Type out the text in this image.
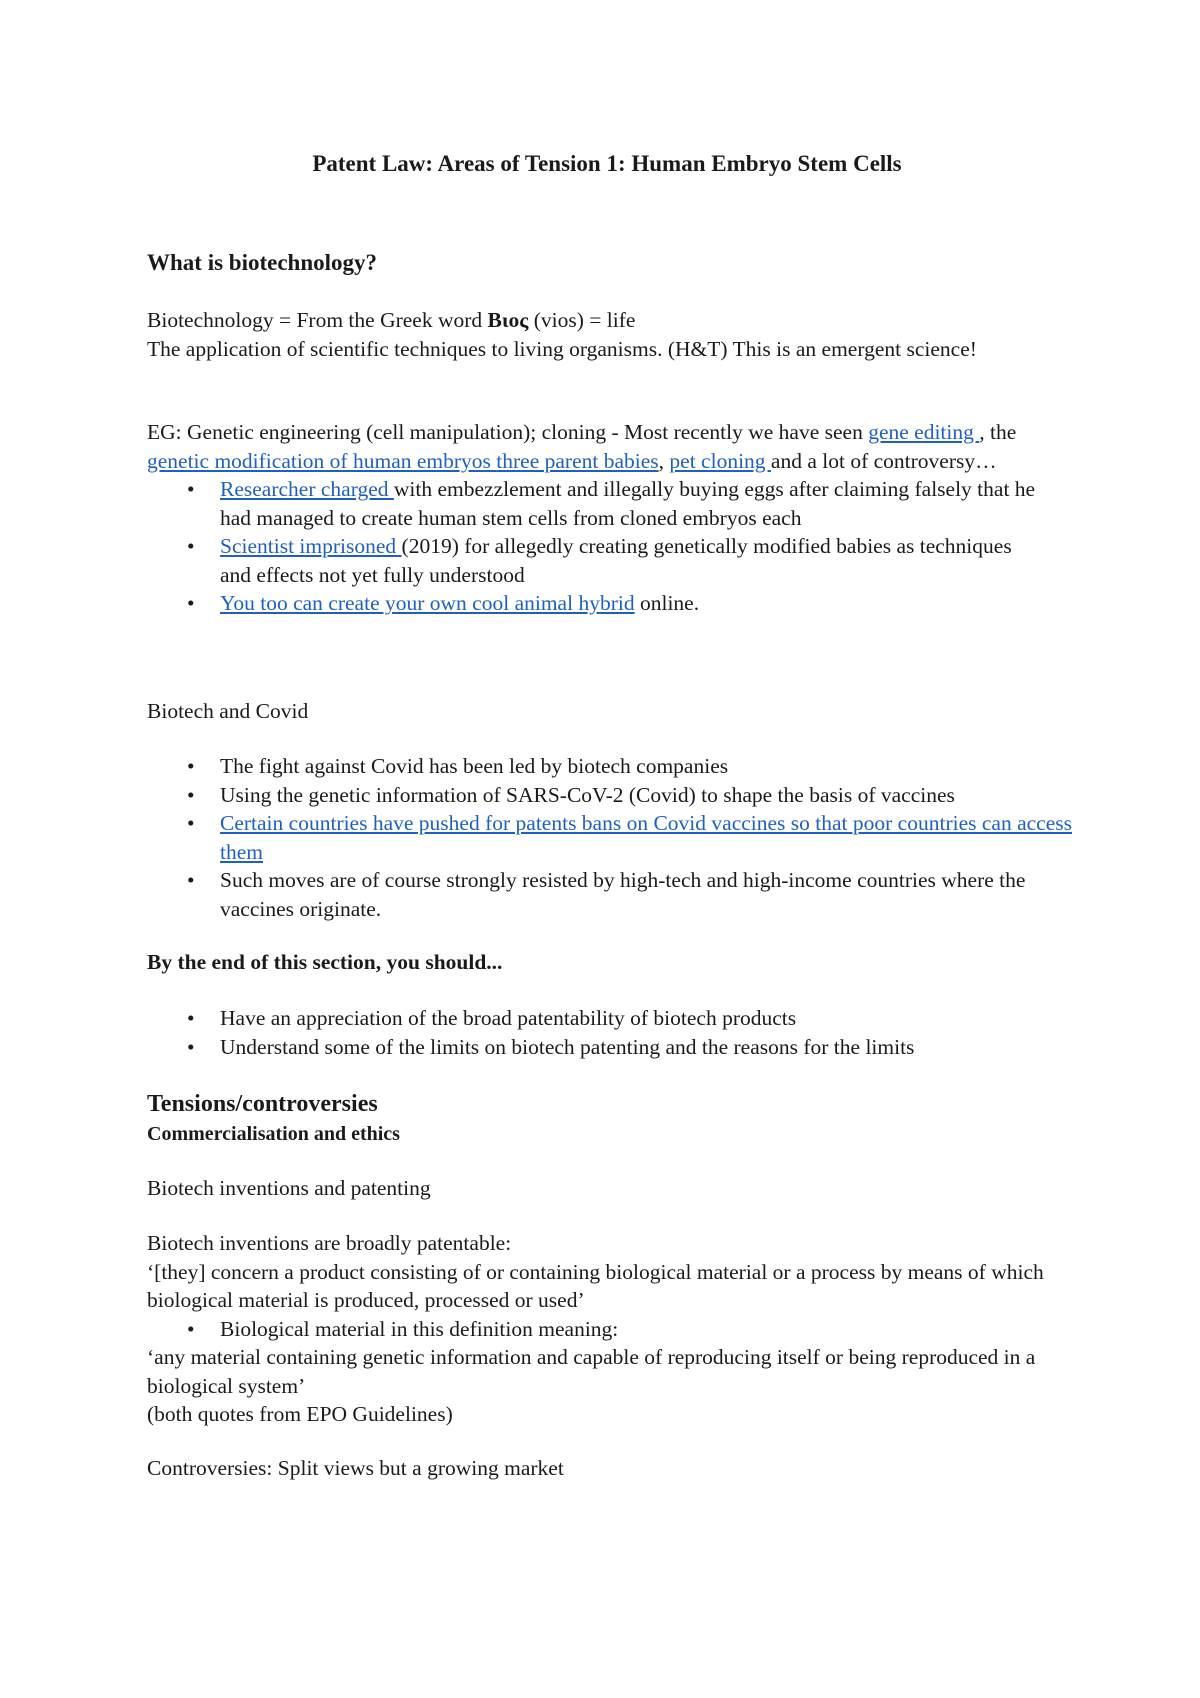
Patent Law: Areas of Tension 1: Human Embryo Stem Cells
What is biotechnology?

Biotechnology = From the Greek word Βιος (vios) = life

The application of scientific techniques to living organisms. (H&T) This is an emergent science!

EG: Genetic engineering (cell manipulation); cloning - Most recently we have seen gene editing , the genetic modification of human embryos three parent babies, pet cloning and a lot of controversy…

• Researcher charged with embezzlement and illegally buying eggs after claiming falsely that he had managed to create human stem cells from cloned embryos each
• Scientist imprisoned (2019) for allegedly creating genetically modified babies as techniques and effects not yet fully understood
• You too can create your own cool animal hybrid online.
Biotech and Covid
• The fight against Covid has been led by biotech companies
• Using the genetic information of SARS-CoV-2 (Covid) to shape the basis of vaccines
• Certain countries have pushed for patents bans on Covid vaccines so that poor countries can access them
• Such moves are of course strongly resisted by high-tech and high-income countries where the vaccines originate.
By the end of this section, you should...
• Have an appreciation of the broad patentability of biotech products
• Understand some of the limits on biotech patenting and the reasons for the limits
Tensions/controversies
Commercialisation and ethics
Biotech inventions and patenting

Biotech inventions are broadly patentable:

‘[they] concern a product consisting of or containing biological material or a process by means of which biological material is produced, processed or used’

• Biological material in this definition meaning:

‘any material containing genetic information and capable of reproducing itself or being reproduced in a biological system’

(both quotes from EPO Guidelines)

Controversies: Split views but a growing market
